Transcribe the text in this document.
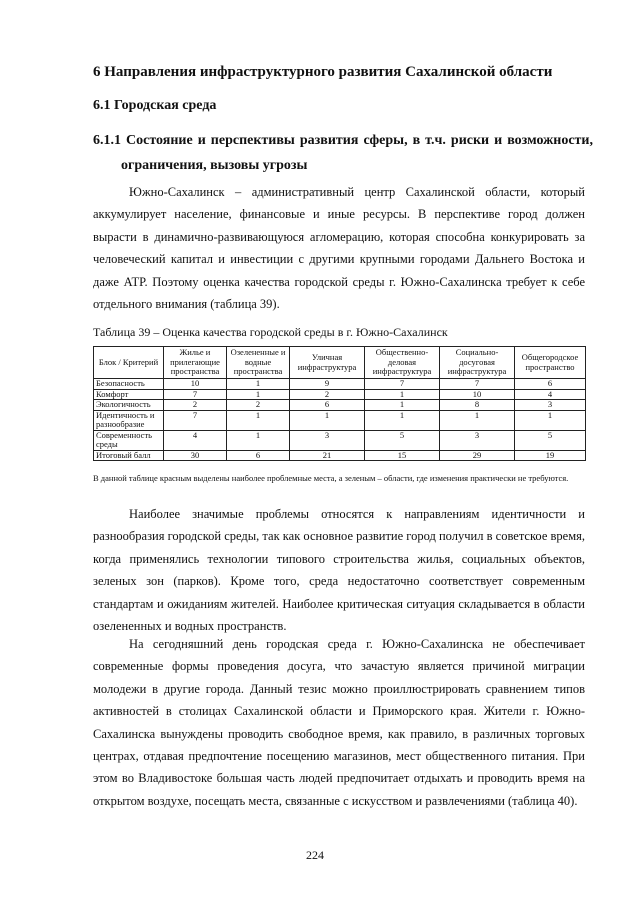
6 Направления инфраструктурного развития Сахалинской области
6.1 Городская среда
6.1.1 Состояние и перспективы развития сферы, в т.ч. риски и возможности,
ограничения, вызовы угрозы

Южно-Сахалинск – административный центр Сахалинской области, который аккумулирует население, финансовые и иные ресурсы. В перспективе город должен вырасти в динамично-развивающуюся агломерацию, которая способна конкурировать за человеческий капитал и инвестиции с другими крупными городами Дальнего Востока и даже АТР. Поэтому оценка качества городской среды г. Южно-Сахалинска требует к себе отдельного внимания (таблица 39).

Таблица 39 – Оценка качества городской среды в г. Южно-Сахалинск
Блок / Критерий	Жилье и прилегающие пространства	Озелененные и водные пространства	Уличная инфраструктура	Общественно-деловая инфраструктура	Социально-досуговая инфраструктура	Общегородское пространство
Безопасность	10	1	9	7	7	6
Комфорт	7	1	2	1	10	4
Экологичность	2	2	6	1	8	3
Идентичность и разнообразие	7	1	1	1	1	1
Современность среды	4	1	3	5	3	5
Итоговый балл	30	6	21	15	29	19

В данной таблице красным выделены наиболее проблемные места, а зеленым – области, где изменения практически не требуются.

Наиболее значимые проблемы относятся к направлениям идентичности и разнообразия городской среды, так как основное развитие город получил в советское время, когда применялись технологии типового строительства жилья, социальных объектов, зеленых зон (парков). Кроме того, среда недостаточно соответствует современным стандартам и ожиданиям жителей. Наиболее критическая ситуация складывается в области озелененных и водных пространств.

На сегодняшний день городская среда г. Южно-Сахалинска не обеспечивает современные формы проведения досуга, что зачастую является причиной миграции молодежи в другие города. Данный тезис можно проиллюстрировать сравнением типов активностей в столицах Сахалинской области и Приморского края. Жители г. Южно-Сахалинска вынуждены проводить свободное время, как правило, в различных торговых центрах, отдавая предпочтение посещению магазинов, мест общественного питания. При этом во Владивостоке большая часть людей предпочитает отдыхать и проводить время на открытом воздухе, посещать места, связанные с искусством и развлечениями (таблица 40).

224
